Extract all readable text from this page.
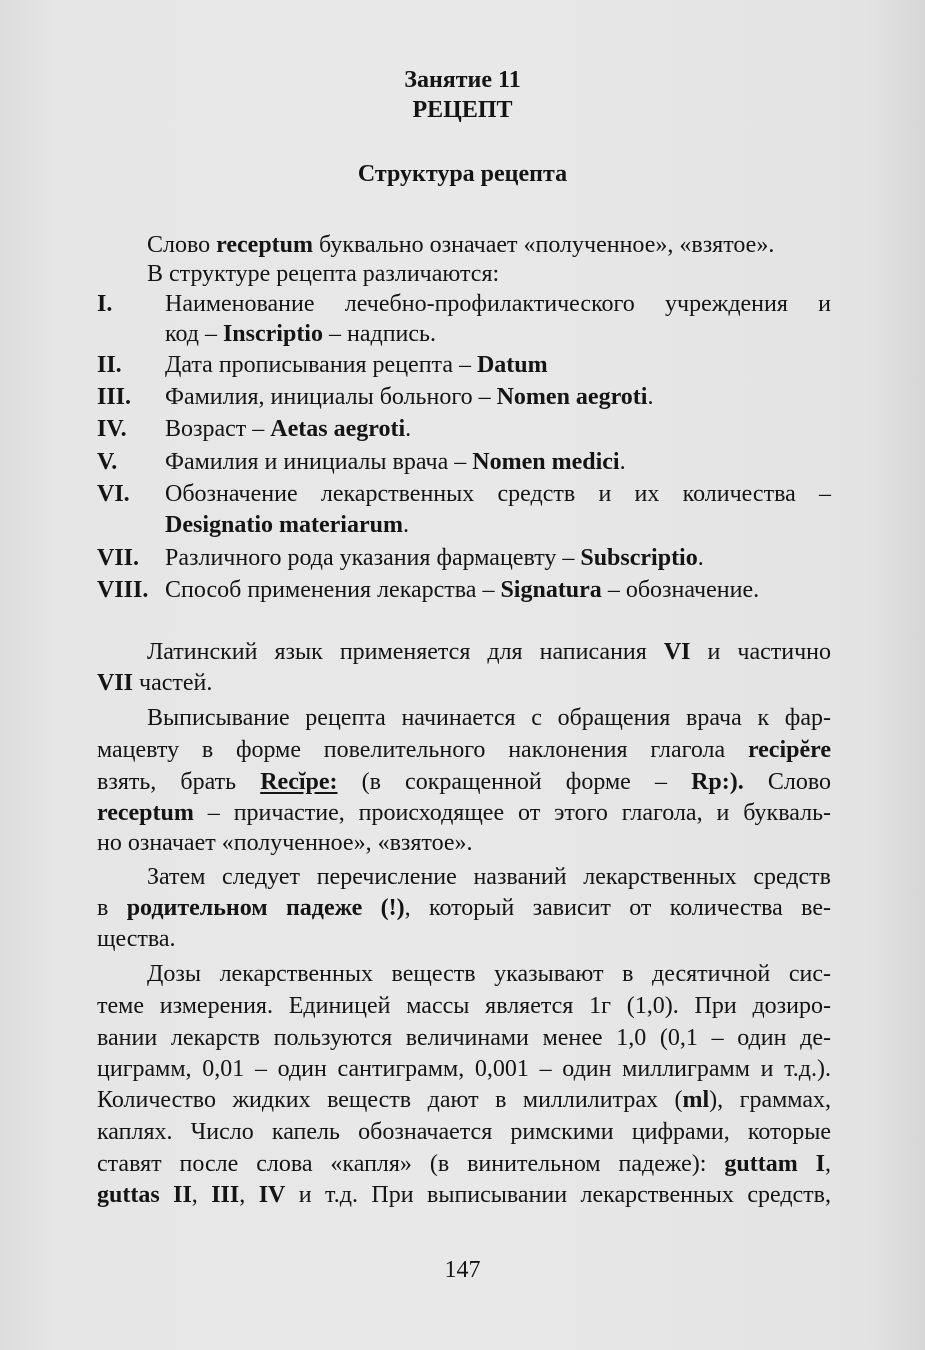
Занятие 11
РЕЦЕПТ
Структура рецепта
Слово receptum буквально означает «полученное», «взятое».
В структуре рецепта различаются:
I. Наименование лечебно-профилактического учреждения и
код – Inscriptio – надпись.
II. Дата прописывания рецепта – Datum
III. Фамилия, инициалы больного – Nomen aegroti.
IV. Возраст – Aetas aegroti.
V. Фамилия и инициалы врача – Nomen medici.
VI. Обозначение лекарственных средств и их количества –
Designatio materiarum.
VII. Различного рода указания фармацевту – Subscriptio.
VIII. Способ применения лекарства – Signatura – обозначение.
Латинский язык применяется для написания VI и частично
VII частей.
Выписывание рецепта начинается с обращения врача к фар-
мацевту в форме повелительного наклонения глагола recipĕre
взять, брать Recĭpe: (в сокращенной форме – Rp:). Слово
receptum – причастие, происходящее от этого глагола, и букваль-
но означает «полученное», «взятое».
Затем следует перечисление названий лекарственных средств
в родительном падеже (!), который зависит от количества ве-
щества.
Дозы лекарственных веществ указывают в десятичной сис-
теме измерения. Единицей массы является 1г (1,0). При дозиро-
вании лекарств пользуются величинами менее 1,0 (0,1 – один де-
циграмм, 0,01 – один сантиграмм, 0,001 – один миллиграмм и т.д.).
Количество жидких веществ дают в миллилитрах (ml), граммах,
каплях. Число капель обозначается римскими цифрами, которые
ставят после слова «капля» (в винительном падеже): guttam I,
guttas II, III, IV и т.д. При выписывании лекарственных средств,
147
